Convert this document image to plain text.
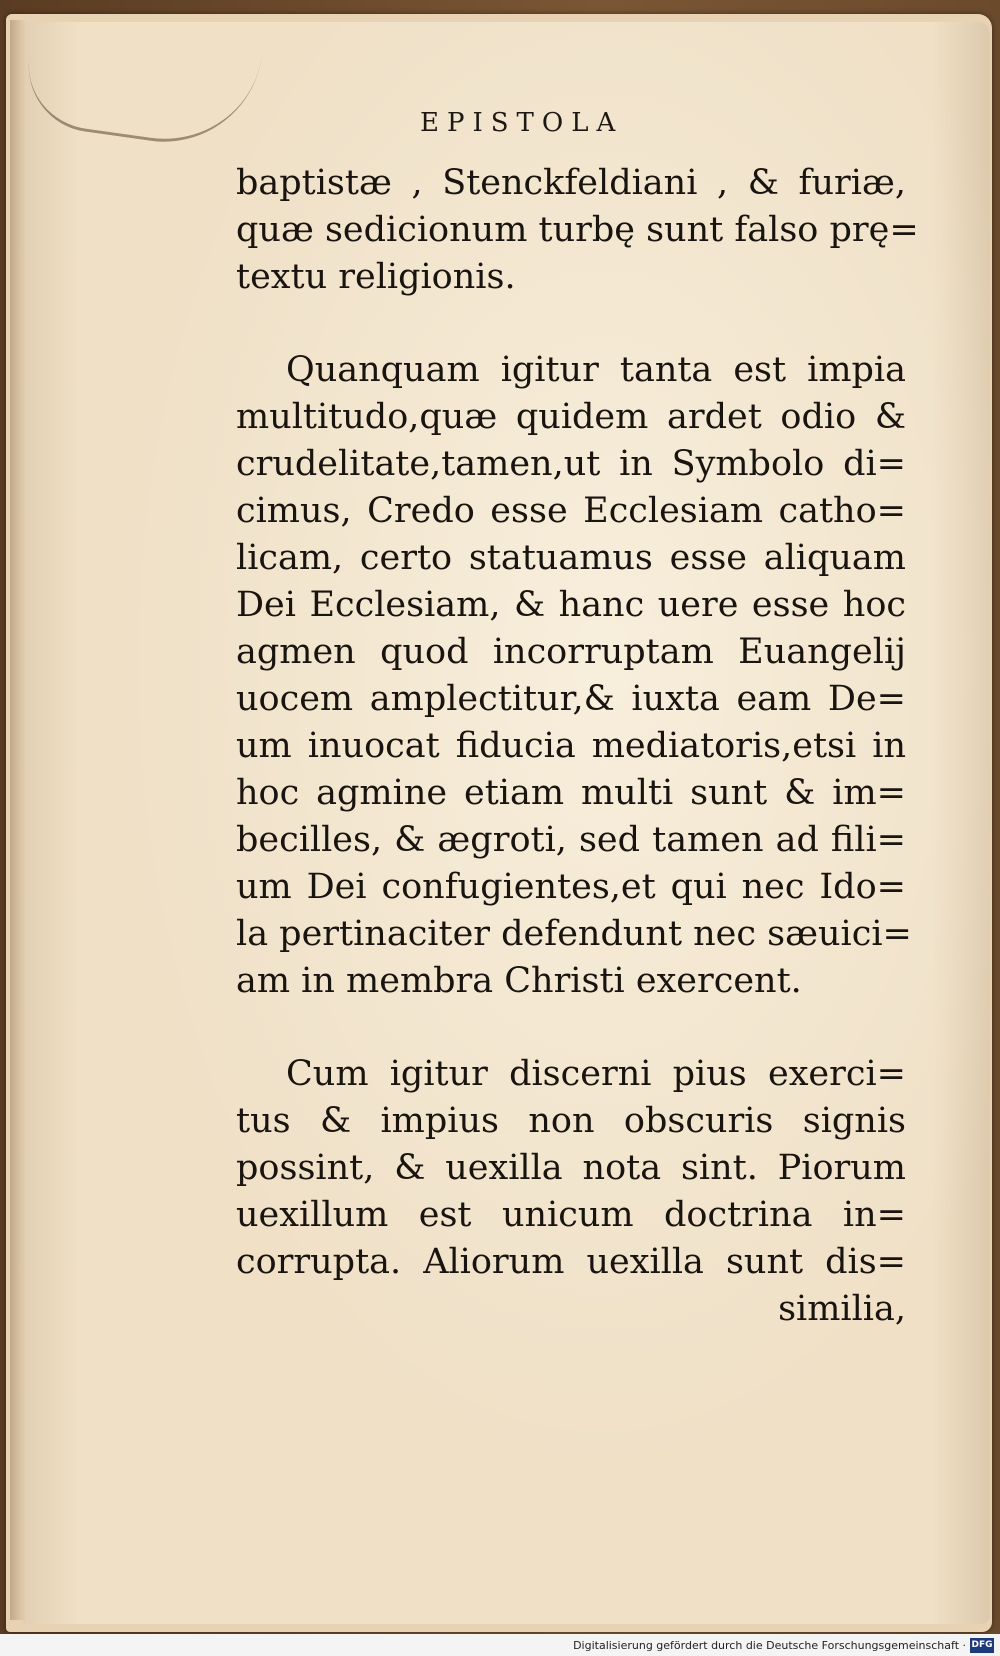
EPISTOLA
baptistæ , Stenckfeldiani , & furiæ,
quæ sedicionum turbę sunt falso prę=
textu religionis.
Quanquam igitur tanta est impia
multitudo,quæ quidem ardet odio &
crudelitate,tamen,ut in Symbolo di=
cimus, Credo esse Ecclesiam catho=
licam, certo statuamus esse aliquam
Dei Ecclesiam, & hanc uere esse hoc
agmen quod incorruptam Euangelij
uocem amplectitur,& iuxta eam De=
um inuocat fiducia mediatoris,etsi in
hoc agmine etiam multi sunt & im=
becilles, & ægroti, sed tamen ad fili=
um Dei confugientes,et qui nec Ido=
la pertinaciter defendunt nec sæuici=
am in membra Christi exercent.
Cum igitur discerni pius exerci=
tus & impius non obscuris signis
possint, & uexilla nota sint. Piorum
uexillum est unicum doctrina in=
corrupta. Aliorum uexilla sunt dis=
similia,
Digitalisierung gefördert durch die Deutsche Forschungsgemeinschaft · DFG
